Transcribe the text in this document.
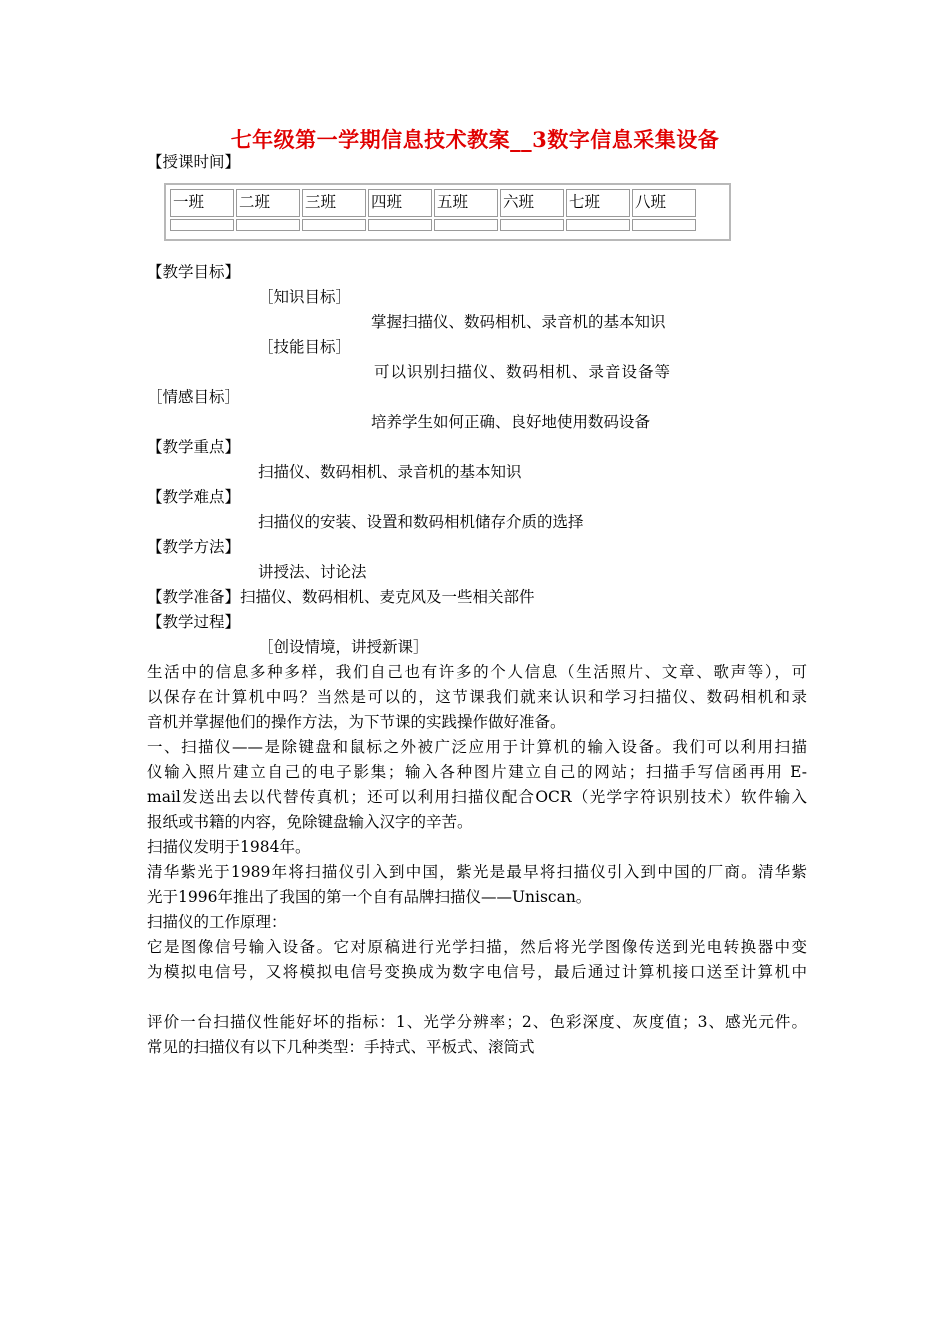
七年级第一学期信息技术教案__3数字信息采集设备
【授课时间】
一班	二班	三班	四班	五班	六班	七班	八班

【教学目标】
［知识目标］
掌握扫描仪、数码相机、录音机的基本知识
［技能目标］
可以识别扫描仪、数码相机、录音设备等
［情感目标］
培养学生如何正确、良好地使用数码设备
【教学重点】
扫描仪、数码相机、录音机的基本知识
【教学难点】
扫描仪的安装、设置和数码相机储存介质的选择
【教学方法】
讲授法、讨论法
【教学准备】扫描仪、数码相机、麦克风及一些相关部件
【教学过程】
［创设情境，讲授新课］
生活中的信息多种多样，我们自己也有许多的个人信息（生活照片、文章、歌声等），可
以保存在计算机中吗？当然是可以的，这节课我们就来认识和学习扫描仪、数码相机和录
音机并掌握他们的操作方法，为下节课的实践操作做好准备。
一、扫描仪——是除键盘和鼠标之外被广泛应用于计算机的输入设备。我们可以利用扫描
仪输入照片建立自己的电子影集；输入各种图片建立自己的网站；扫描手写信函再用 E-
mail发送出去以代替传真机；还可以利用扫描仪配合OCR（光学字符识别技术）软件输入
报纸或书籍的内容，免除键盘输入汉字的辛苦。
扫描仪发明于1984年。
清华紫光于1989年将扫描仪引入到中国，紫光是最早将扫描仪引入到中国的厂商。清华紫
光于1996年推出了我国的第一个自有品牌扫描仪——Uniscan。
扫描仪的工作原理：
它是图像信号输入设备。它对原稿进行光学扫描，然后将光学图像传送到光电转换器中变
为模拟电信号，又将模拟电信号变换成为数字电信号，最后通过计算机接口送至计算机中
评价一台扫描仪性能好坏的指标：1、光学分辨率；2、色彩深度、灰度值；3、感光元件。
常见的扫描仪有以下几种类型：手持式、平板式、滚筒式
